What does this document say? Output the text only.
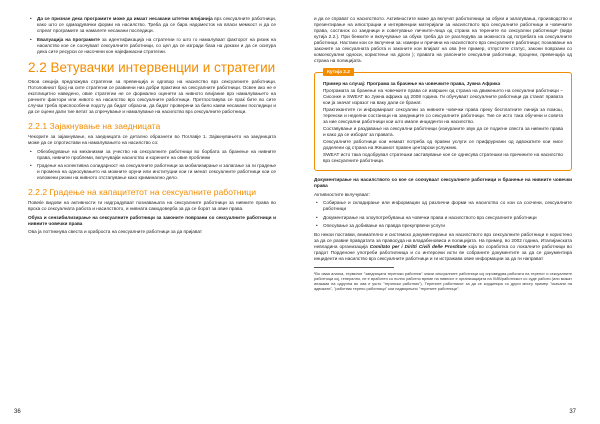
• Да се признае дека програмите може да имаат несакани штетни влијанија врз сексуалните работници, како што се одмаздувачки форми на насилство. Треба да се бара надоместок на власи мемкост и да се спреат програмите за намалете несакани последици.
• Евалуација на програмите за идентификација на стратегии го што го намалуваат факторот на ризик на насилство кое се соочуваат сексуалните работници, со цел да се изгради база на докази и да се осигура дека сите ресурси се насочени кон најефикасни стратегии.
2.2 Ветувачки интервенции и стратегии

Овоа секција предложува стратегии за превенција и одговор на насилство врз сексуалните работници. Потоловниот број на сите стратегии се развиени низ добри практики на сексуалните работници. Освен ако не е експлицитно наведено, овие стратегии не се формално оценети за нивното влијание врз намалувањето на рачните фактори или нивото на насилство врз сексуалните работници. Претпоставува се праќ бите во сите случаи треба приспособени подоту да бидат обрасни, да бидат проверени за било какви несакани последици и да се оцени дали тие ветат за спречување и намалување на насилство врз сексуалните работници.

2.2.1 Зајакнување на заедницата

Чекорите за зајакнување, на заедницата се детално образнети во Поглавје 1. Зајакнувањето на заедницата може да се спротистави на намалувањето на насилство со:

• Обезбедување на механизми за учество на сексуалните работници во борбата за бранење на нивните права, нивните проблеми, вклучувајќи насилство и корените на овие проблеми
• Градење на колективна солидарност на сексуалните работници за мобилизирање и залагање за ги градење и промена на односувањето на можните оруни или институции кои ги менат сексуалните работници кои се изложени ризни на нивното отстапување како криминално дело.
2.2.2 Градење на капацитетот на сексуалните работници

Повеќе видови на активности ги надградуваат познавањата на сексуалните работници за нивните права во врска со сексуалната работа и насилството, и нивната самодоверба за да се борат за овие права.

Обука и сензибилизирање на сексуалните работници за законите поврзани со сексуалните работници и нивните човечки права

Ова ја поттикнува свеста и храброста на сексуалните работници за да пријават

36

и да се справат со насилството. Активностите може да вклучат работилници за обуки и залагувања, производство и презентирање на илюстрации и интервенции материјали за насилството врз сексуалните работници и човечките права, состанок со заедници и советување личните-лица од страна на терените во сексуални работници¹ (види кутија 2.2.). При бенките и вклучување за обука треба да се разгледува за можноста од потребата на сексуалните работници. Настани кои се вклучени за: измери и причини на насилството врз сексуалните работници; познавање на законите за сексуалната работа и законите кои влијаат на ова (Не пример, отпустите статус, закони поврзани со комсексуални односи, користење на дроги ); правата на уапсените сексуални работници, процени, превенција од страна на полицијата.

Кутија 2.2

Пример на случај: Програма за брачење на човечките права, Јужна Африка

Програмата за бранење на човечките права се извршен од страна на движењето на сексуални работници – Сисонке и SWEAT во Јужна африка од 2008 година. Ги обучуваат сексуалните работници да станат правата кои ја значат изразот на ваку дали се бранат.

Практикантите ги информираат сексуални за нивните човечки права преку бесплатните линија за помош, теренски и неделни состаноци на заедниците со сексуалните работници. Тие се исто така обучени и совета за ние сексуални работници кои што имале инциденти на насилство.

Составување и раздавање на сексуални работници (изнураните звук да се подигне свеста за нивните права и како да се изборат за правата.

Сексуалните работници кои немаат потреба од правни услуги се прифрурнани од адвокатите кои нисе доделени од страна на Жешкиот правен центарски услужник.

SWEAT исто така подобрувал стратешки заставување кое се однесува стратешки на причините на насилство врз сексуалните работници.

Документирање на насилството со кое се соочуваат сексуалните работници и бранење на нивните човечки права

Активностите вклучуваат:

• Собирање и складирање или информации од различни форми на насилство со кои са соочени, сексуалните работници
• Документирање на злоупотребувања на човечки права и насилството врз сексуалните работници
• Опесување за добивање на правда прекупрвени услуги

Во некои поставки, внимателно и системско документирање на насилството врз сексуалните работници е користено за да се развие правдатата за правосуда на владабеновиса и полицијата. На пример, во 2002 година, Италијанската невладина организација Comitato per i Diritti Civili delle Prostitute која во соработка со локалните работници во градот Порденоне употреби работилница и со интерсеки исти ве собраните документите за да се документира инциденти на насилство врз сексуалните работници и ги истражава овие информации за да ги направат

¹Во оваа алатка, терминот "заедницата теренски работник" значи сексуалните работници кој спроведува работата на теренот и сексуалните работници кој, генерално, не е вработен со полно работно време на нивниот е организацијата на ХИВ/работникот со суде работи (или можат инаками на одручна во ова е ушто "терински работник"). Терените работникот за да се кординира со други многу пример "скачани на адвокати", "работник терено работници" кои надворешно "терените работници".

37
